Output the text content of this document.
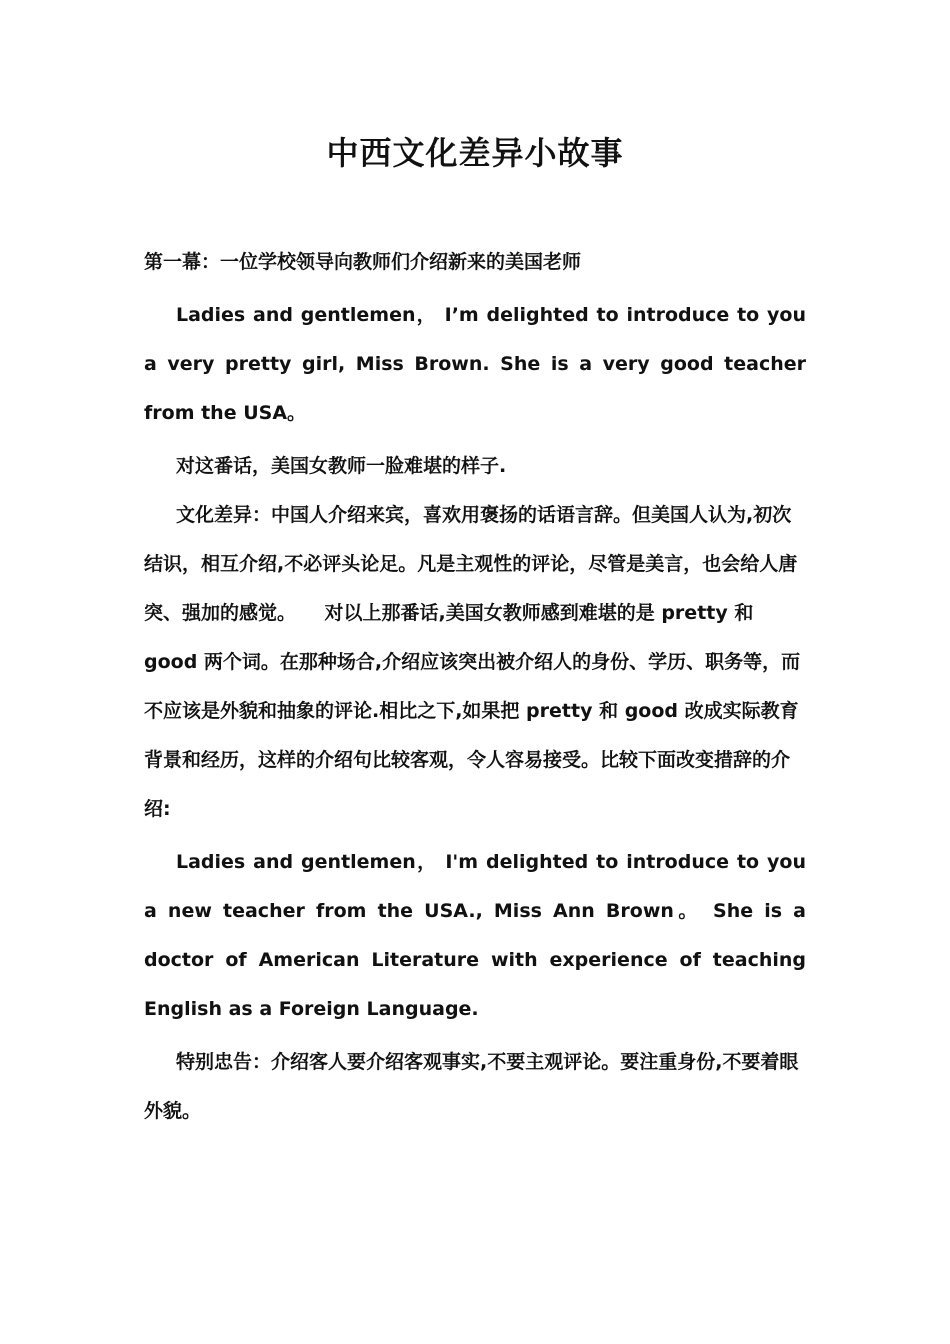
中西文化差异小故事

第一幕：一位学校领导向教师们介绍新来的美国老师

Ladies and gentlemen， I’m delighted to introduce to you a very pretty girl, Miss Brown. She is a very good teacher from the USA。

对这番话，美国女教师一脸难堪的样子.

文化差异：中国人介绍来宾，喜欢用褒扬的话语言辞。但美国人认为,初次结识，相互介绍,不必评头论足。凡是主观性的评论，尽管是美言，也会给人唐突、强加的感觉。　　对以上那番话,美国女教师感到难堪的是 pretty 和 good 两个词。在那种场合,介绍应该突出被介绍人的身份、学历、职务等，而不应该是外貌和抽象的评论.相比之下,如果把 pretty 和 good 改成实际教育背景和经历，这样的介绍句比较客观，令人容易接受。比较下面改变措辞的介绍:

Ladies and gentlemen， I'm delighted to introduce to you a new teacher from the USA., Miss Ann Brown。 She is a doctor of American Literature with experience of teaching English as a Foreign Language.

特别忠告：介绍客人要介绍客观事实,不要主观评论。要注重身份,不要着眼外貌。
